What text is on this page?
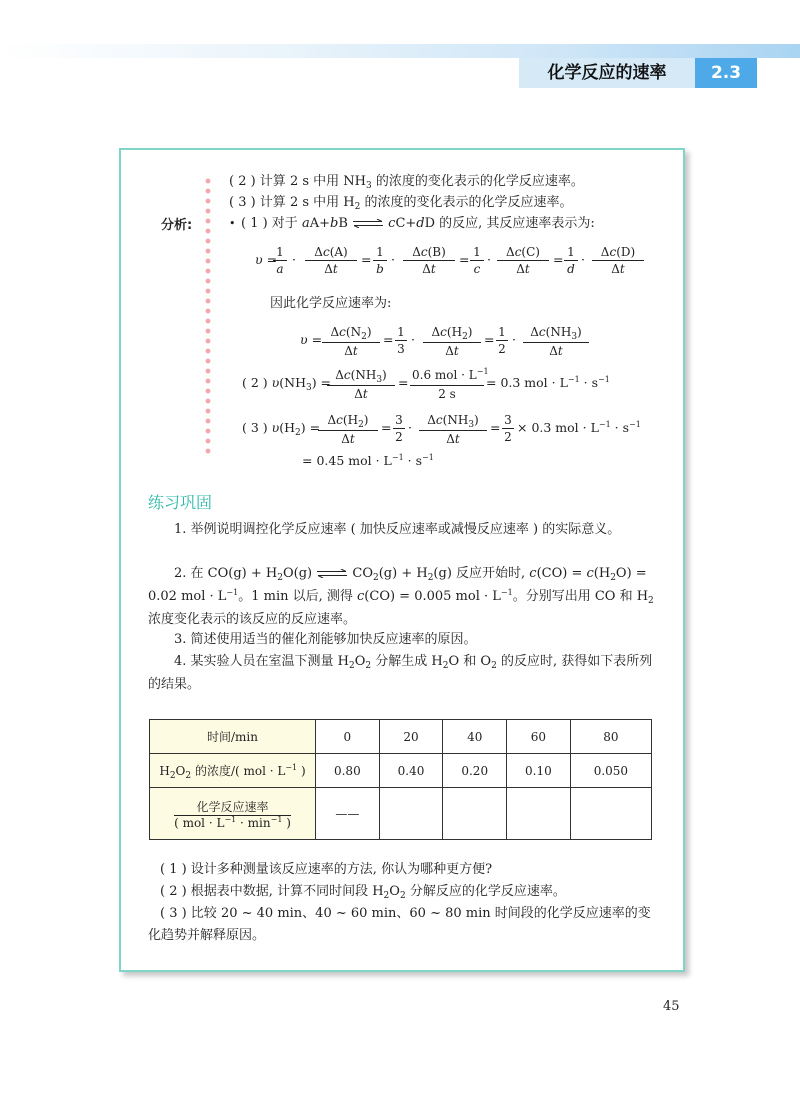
化学反应的速率	2.3
( 2 ) 计算 2 s 中用 $NH_3$ 的浓度的变化表示的化学反应速率。
( 3 ) 计算 2 s 中用 $H_2$ 的浓度的变化表示的化学反应速率。
分析:	• ( 1 ) 对于 aA+bB	cC+dD 的反应, 其反应速率表示为:
υ =
$\frac{1}{a} \cdot \frac{\Delta c(A)}{\Delta t} = \frac{1}{b} \cdot \frac{\Delta c(B)}{\Delta t} = \frac{1}{c} \cdot \frac{\Delta c(C)}{\Delta t} = \frac{1}{d} \cdot \frac{\Delta c(D)}{\Delta t}$
因此化学反应速率为:
$\upsilon = \frac{\Delta c(N_2)}{\Delta t} = \frac{1}{3} \cdot \frac{\Delta c(H_2)}{\Delta t} = \frac{1}{2} \cdot \frac{\Delta c(NH_3)}{\Delta t}$
( 2 ) $\upsilon(NH_3)$ =
$\frac{\Delta c(NH_3)}{\Delta t} = 0.6$ mol · $L^{-1}$
2 s
= 0.3 mol · $L^{-1} \cdot s^{-1}$
( 3 ) $\upsilon(H_2)$ =
$\frac{\Delta c(H_2)}{\Delta t} = \frac{3}{2} \cdot \frac{\Delta c(NH_3)}{\Delta t} = \frac{3}{2} \times 0.3$ mol · $L^{-1} \cdot s^{-1}$
= 0.45 mol · $L^{-1} \cdot s^{-1}$
练习巩固
1. 举例说明调控化学反应速率 ( 加快反应速率或减慢反应速率 ) 的实际意义。
2. 在 $CO(g) + H_2O(g) CO_2(g) + H_2(g)$ 反应开始时, $c(CO) = c(H_2O) = 0.02$ mol · $L^{-1}$。1 min 以后, 测得 c(CO) = 0.005 mol · $L^{-1}$。分别写出用 CO 和 $H_2$ 浓度变化表示的该反应的反应速率。
3. 简述使用适当的催化剂能够加快反应速率的原因。
4. 某实验人员在室温下测量 $H_2O_2$ 分解生成 $H_2O$ 和 $O_2$ 的反应时, 获得如下表所列的结果。
时间/min	0	20	40	60	80
$H_2O_2$ 的浓度/( mol · $L^{-1}$ )	0.80	0.40	0.20	0.10	0.050

化学反应速率
( mol · $L^{-1} \cdot \min^{-1}$ )	——				
( 1 ) 设计多种测量该反应速率的方法, 你认为哪种更方便?
( 2 ) 根据表中数据, 计算不同时间段 $H_2O_2$ 分解反应的化学反应速率。
( 3 ) 比较 20 ~ 40 min、40 ~ 60 min、60 ~ 80 min 时间段的化学反应速率的变化趋势并解释原因。
45
